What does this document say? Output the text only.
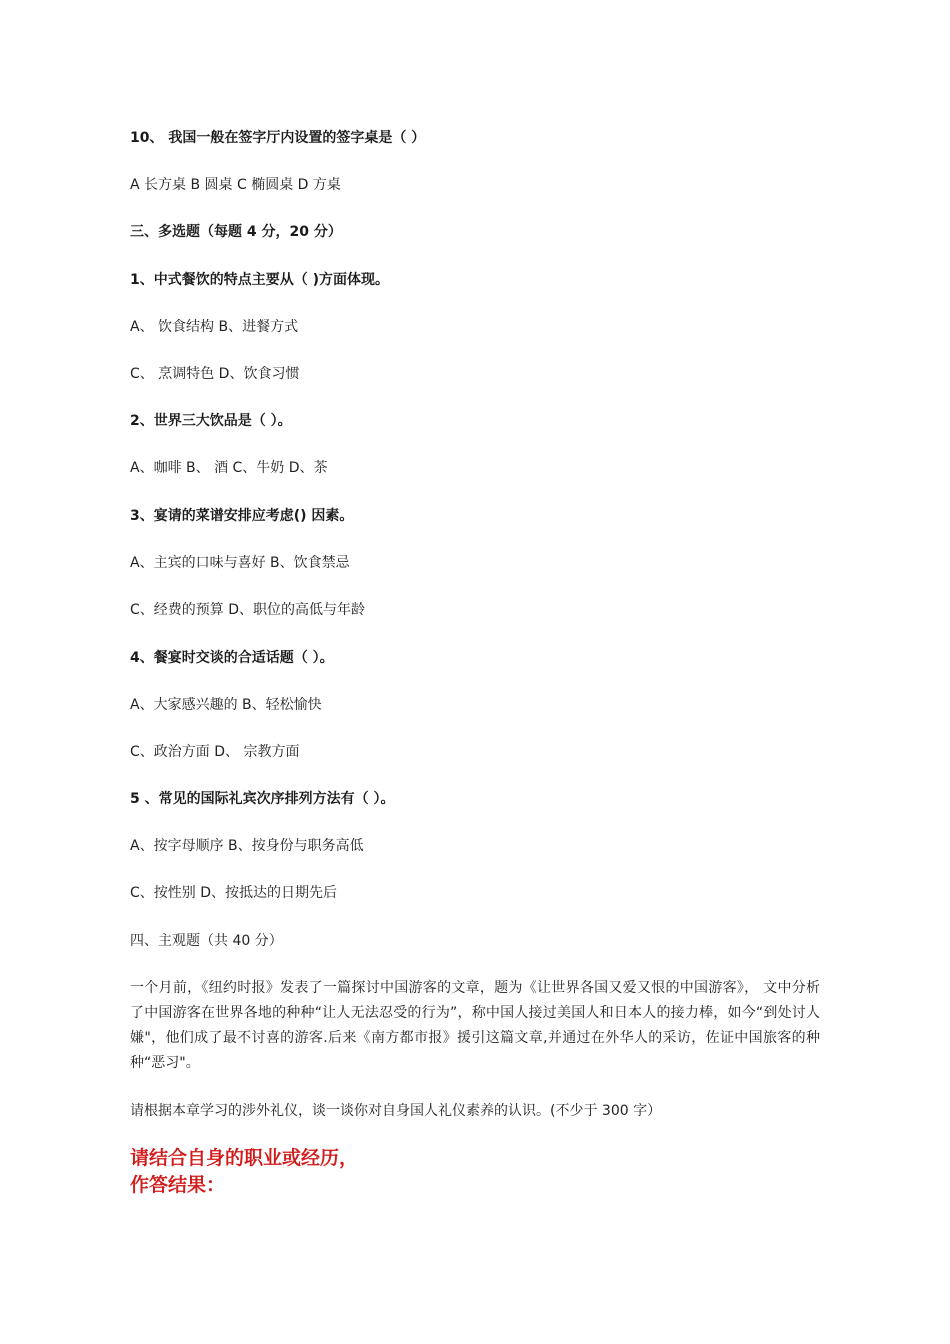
10、 我国一般在签字厅内设置的签字桌是（ ）
A 长方桌 B 圆桌 C 椭圆桌 D 方桌
三、多选题（每题 4 分，20 分）
1、中式餐饮的特点主要从（ )方面体现。
A、 饮食结构 B、进餐方式
C、 烹调特色 D、饮食习惯
2、世界三大饮品是（ ）。
A、咖啡 B、 酒 C、牛奶 D、茶
3、宴请的菜谱安排应考虑() 因素。
A、主宾的口味与喜好 B、饮食禁忌
C、经费的预算 D、职位的高低与年龄
4、餐宴时交谈的合适话题（ ）。
A、大家感兴趣的 B、轻松愉快
C、政治方面 D、 宗教方面
5 、常见的国际礼宾次序排列方法有（ ）。
A、按字母顺序 B、按身份与职务高低
C、按性别 D、按抵达的日期先后
四、主观题（共 40 分）
一个月前，《纽约时报》发表了一篇探讨中国游客的文章，题为《让世界各国又爱又恨的中国游客》， 文中分析了中国游客在世界各地的种种“让人无法忍受的行为”，称中国人接过美国人和日本人的接力棒，如今“到处讨人嫌"，他们成了最不讨喜的游客.后来《南方都市报》援引这篇文章,并通过在外华人的采访，佐证中国旅客的种种“恶习"。
请根据本章学习的涉外礼仪，谈一谈你对自身国人礼仪素养的认识。(不少于 300 字）
请结合自身的职业或经历，
作答结果：
